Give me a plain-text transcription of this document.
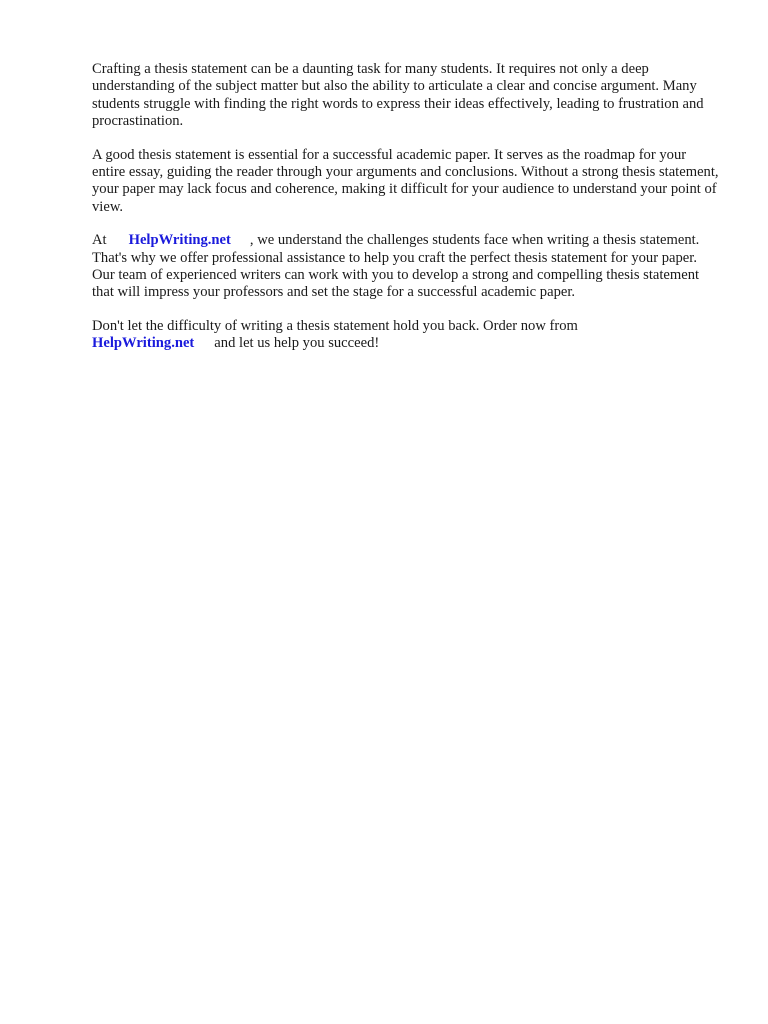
Crafting a thesis statement can be a daunting task for many students. It requires not only a deep understanding of the subject matter but also the ability to articulate a clear and concise argument. Many students struggle with finding the right words to express their ideas effectively, leading to frustration and procrastination.

A good thesis statement is essential for a successful academic paper. It serves as the roadmap for your entire essay, guiding the reader through your arguments and conclusions. Without a strong thesis statement, your paper may lack focus and coherence, making it difficult for your audience to understand your point of view.

At HelpWriting.net , we understand the challenges students face when writing a thesis statement. That's why we offer professional assistance to help you craft the perfect thesis statement for your paper. Our team of experienced writers can work with you to develop a strong and compelling thesis statement that will impress your professors and set the stage for a successful academic paper.

Don't let the difficulty of writing a thesis statement hold you back. Order now from
HelpWriting.net and let us help you succeed!
